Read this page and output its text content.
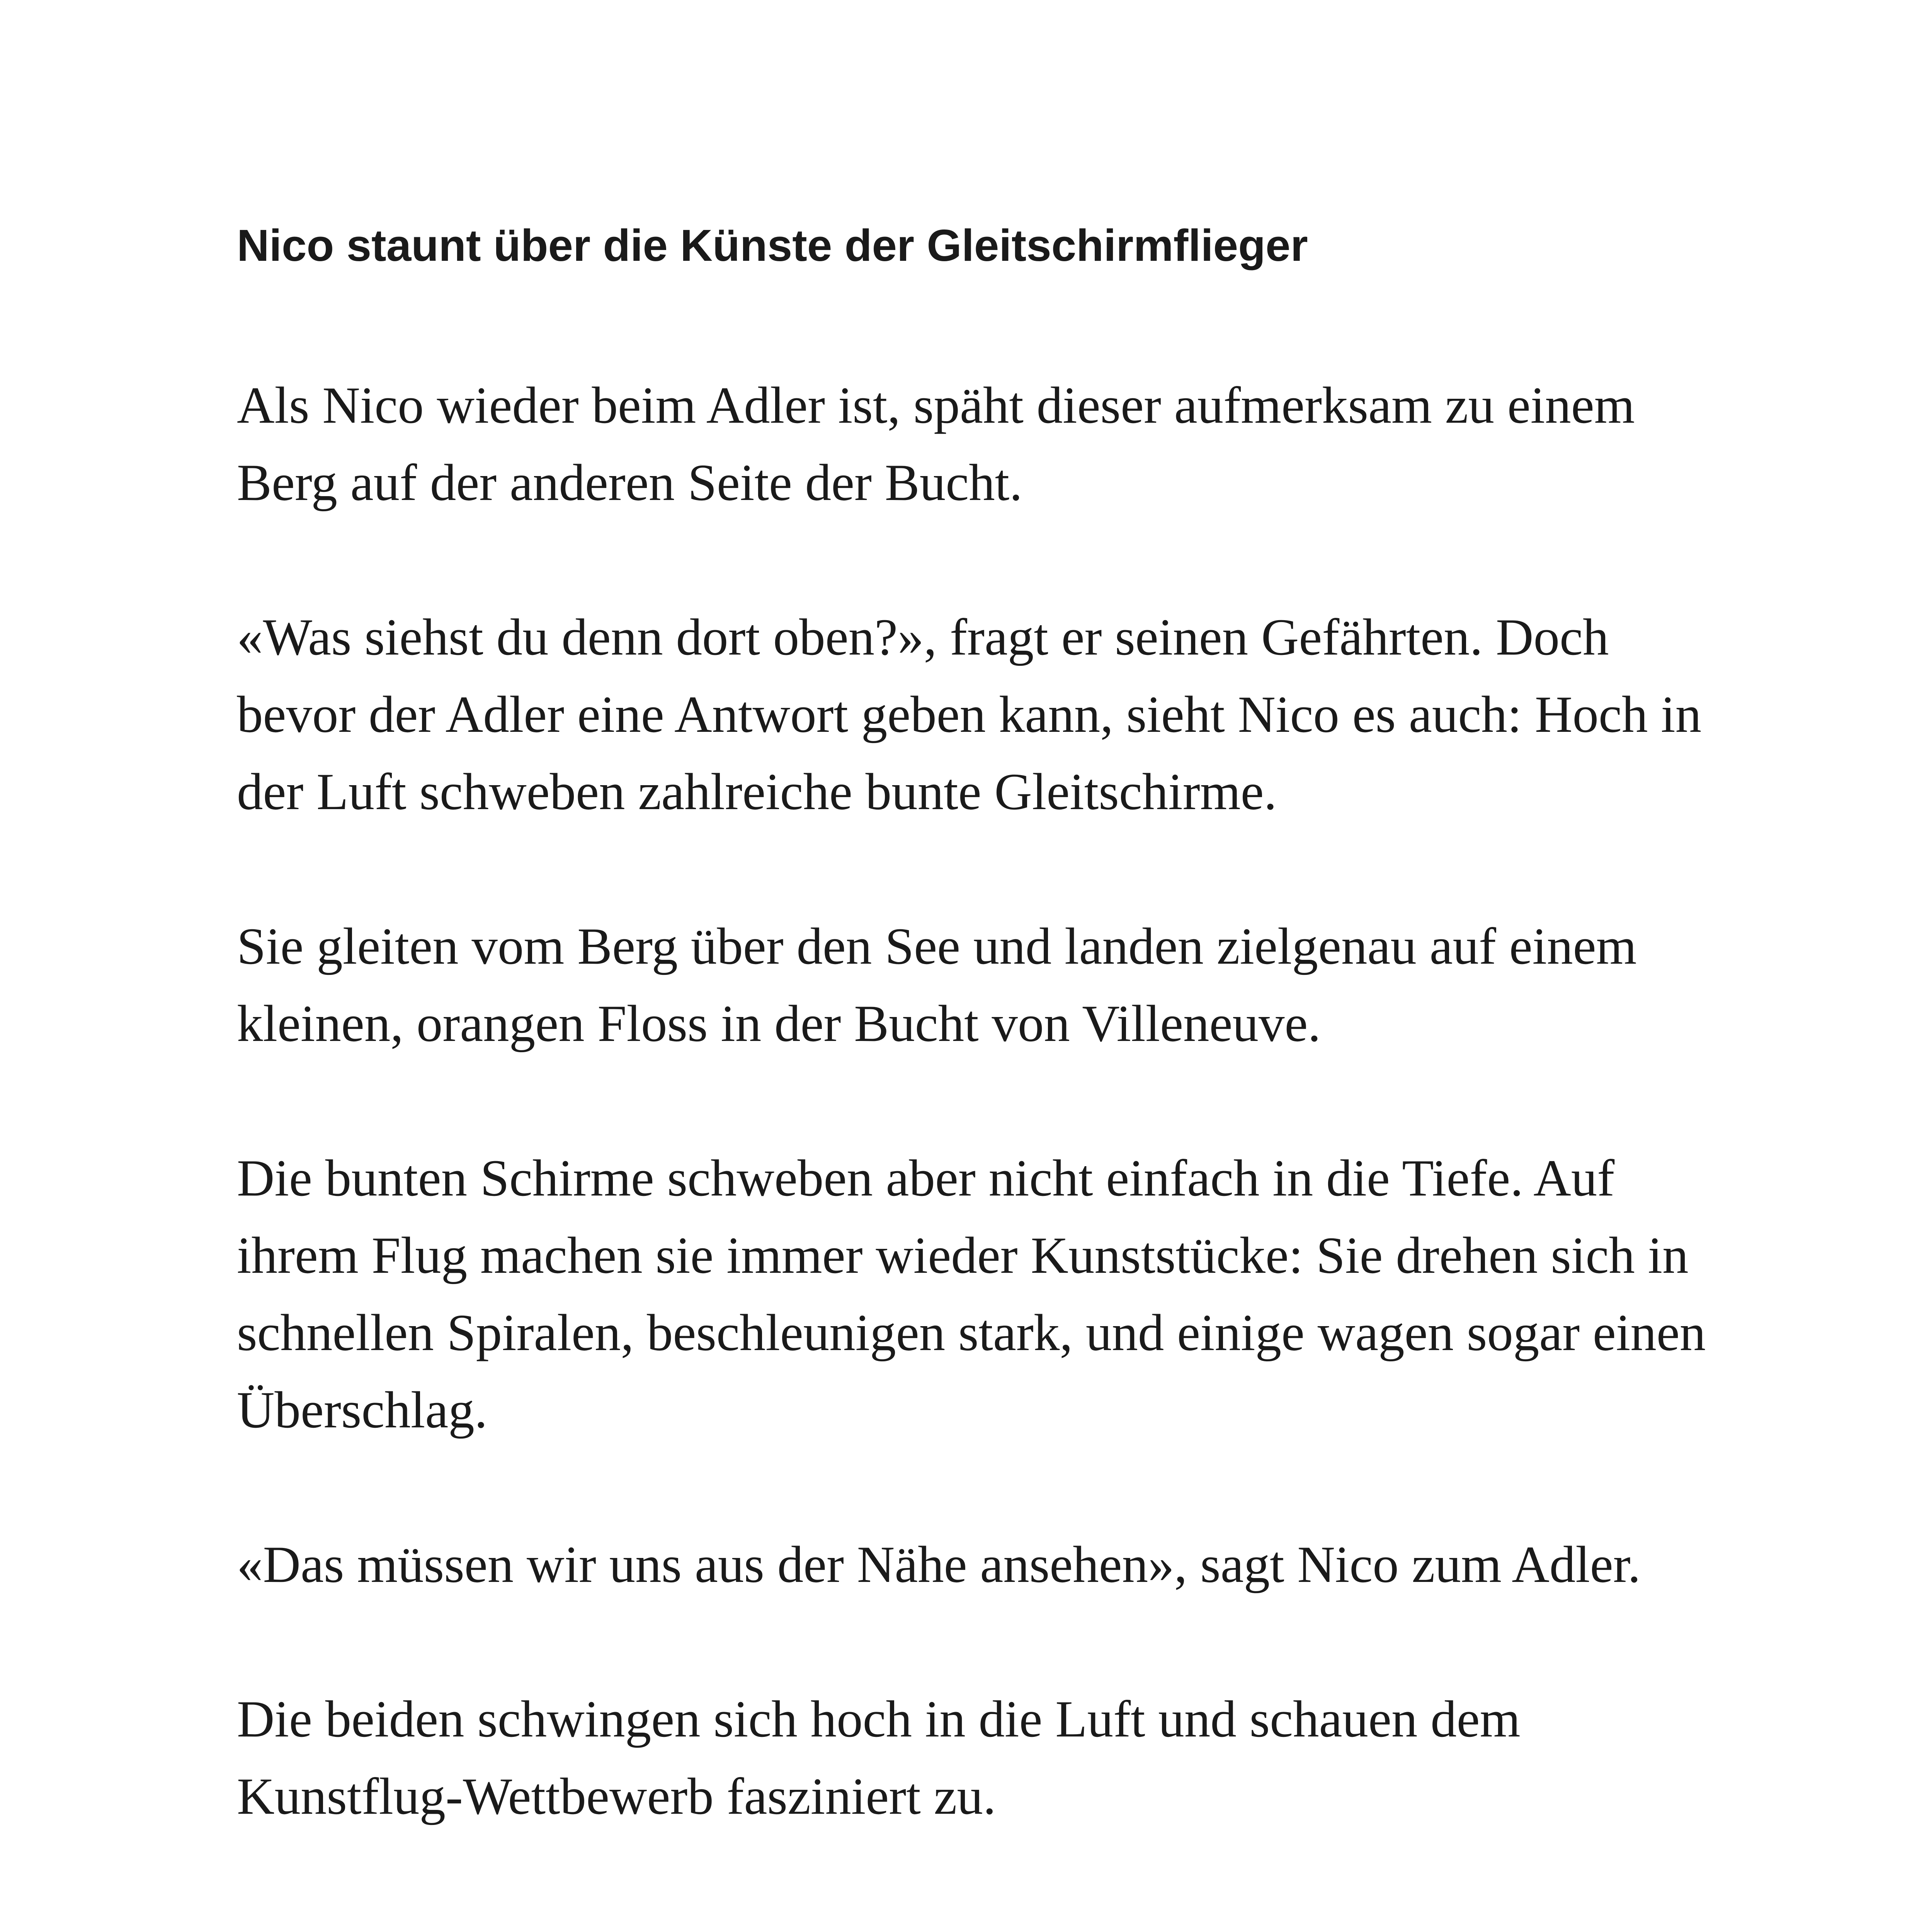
Nico staunt über die Künste der Gleitschirmflieger

Als Nico wieder beim Adler ist, späht dieser aufmerksam zu einem Berg auf der anderen Seite der Bucht.

«Was siehst du denn dort oben?», fragt er seinen Gefährten. Doch bevor der Adler eine Antwort geben kann, sieht Nico es auch: Hoch in der Luft schweben zahlreiche bunte Gleitschirme.

Sie gleiten vom Berg über den See und landen zielgenau auf einem kleinen, orangen Floss in der Bucht von Villeneuve.

Die bunten Schirme schweben aber nicht einfach in die Tiefe. Auf ihrem Flug machen sie immer wieder Kunststücke: Sie drehen sich in schnellen Spiralen, beschleunigen stark, und einige wagen sogar einen Überschlag.

«Das müssen wir uns aus der Nähe ansehen», sagt Nico zum Adler.

Die beiden schwingen sich hoch in die Luft und schauen dem Kunstflug-Wettbewerb fasziniert zu.
